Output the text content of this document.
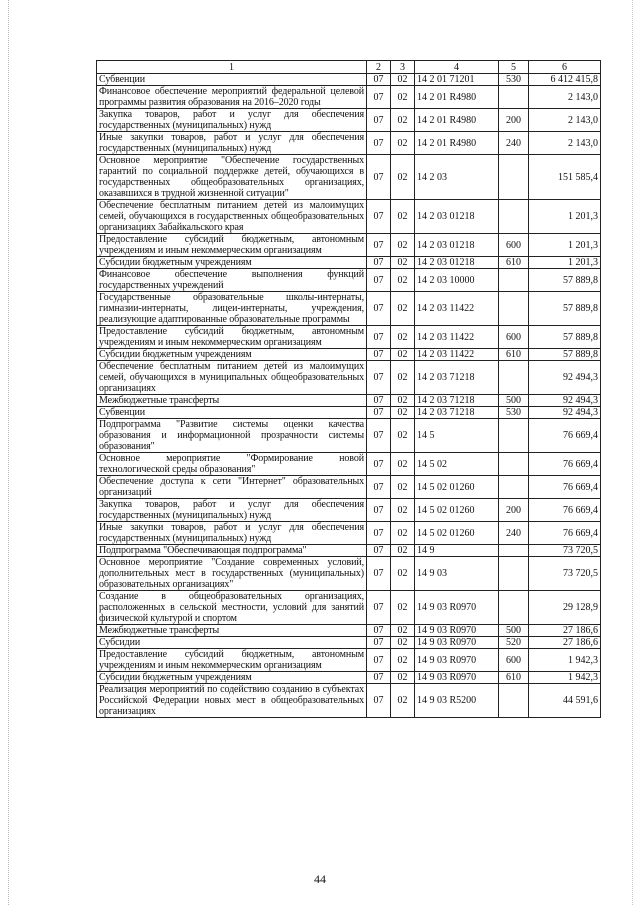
1	2	3	4	5	6
Субвенции	07	02	14 2 01 71201	530	6 412 415,8
Финансовое обеспечение мероприятий федеральной целевой программы развития образования на 2016–2020 годы	07	02	14 2 01 R4980		2 143,0
Закупка товаров, работ и услуг для обеспечения государственных (муниципальных) нужд	07	02	14 2 01 R4980	200	2 143,0
Иные закупки товаров, работ и услуг для обеспечения государственных (муниципальных) нужд	07	02	14 2 01 R4980	240	2 143,0
Основное мероприятие "Обеспечение государственных гарантий по социальной поддержке детей, обучающихся в государственных общеобразовательных организациях, оказавшихся в трудной жизненной ситуации"	07	02	14 2 03		151 585,4
Обеспечение бесплатным питанием детей из малоимущих семей, обучающихся в государственных общеобразовательных организациях Забайкальского края	07	02	14 2 03 01218		1 201,3
Предоставление субсидий бюджетным, автономным учреждениям и иным некоммерческим организациям	07	02	14 2 03 01218	600	1 201,3
Субсидии бюджетным учреждениям	07	02	14 2 03 01218	610	1 201,3
Финансовое обеспечение выполнения функций государственных учреждений	07	02	14 2 03 10000		57 889,8
Государственные образовательные школы-интернаты, гимназии-интернаты, лицеи-интернаты, учреждения, реализующие адаптированные образовательные программы	07	02	14 2 03 11422		57 889,8
Предоставление субсидий бюджетным, автономным учреждениям и иным некоммерческим организациям	07	02	14 2 03 11422	600	57 889,8
Субсидии бюджетным учреждениям	07	02	14 2 03 11422	610	57 889,8
Обеспечение бесплатным питанием детей из малоимущих семей, обучающихся в муниципальных общеобразовательных организациях	07	02	14 2 03 71218		92 494,3
Межбюджетные трансферты	07	02	14 2 03 71218	500	92 494,3
Субвенции	07	02	14 2 03 71218	530	92 494,3
Подпрограмма "Развитие системы оценки качества образования и информационной прозрачности системы образования"	07	02	14 5		76 669,4
Основное мероприятие "Формирование новой технологической среды образования"	07	02	14 5 02		76 669,4
Обеспечение доступа к сети "Интернет" образовательных организаций	07	02	14 5 02 01260		76 669,4
Закупка товаров, работ и услуг для обеспечения государственных (муниципальных) нужд	07	02	14 5 02 01260	200	76 669,4
Иные закупки товаров, работ и услуг для обеспечения государственных (муниципальных) нужд	07	02	14 5 02 01260	240	76 669,4
Подпрограмма "Обеспечивающая подпрограмма"	07	02	14 9		73 720,5
Основное мероприятие "Создание современных условий, дополнительных мест в государственных (муниципальных) образовательных организациях"	07	02	14 9 03		73 720,5
Создание в общеобразовательных организациях, расположенных в сельской местности, условий для занятий физической культурой и спортом	07	02	14 9 03 R0970		29 128,9
Межбюджетные трансферты	07	02	14 9 03 R0970	500	27 186,6
Субсидии	07	02	14 9 03 R0970	520	27 186,6
Предоставление субсидий бюджетным, автономным учреждениям и иным некоммерческим организациям	07	02	14 9 03 R0970	600	1 942,3
Субсидии бюджетным учреждениям	07	02	14 9 03 R0970	610	1 942,3
Реализация мероприятий по содействию созданию в субъектах Российской Федерации новых мест в общеобразовательных организациях	07	02	14 9 03 R5200		44 591,6
44
